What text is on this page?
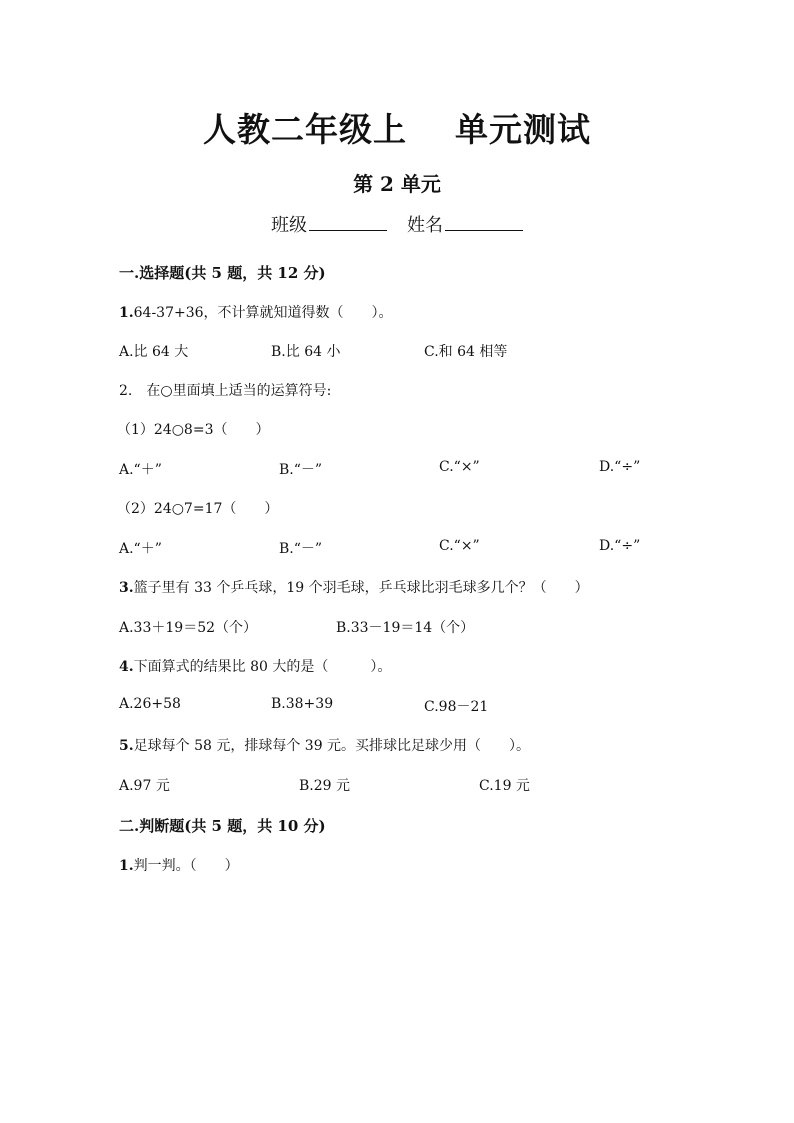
人教二年级上 单元测试
第 2 单元
班级	姓名
一.选择题(共 5 题，共 12 分)
1.64-37+36，不计算就知道得数（　　）。
A.比 64 大	B.比 64 小	C.和 64 相等
2.　在○里面填上适当的运算符号:
（1）24○8=3（　　）
A.“＋”	B.“－”	C.“×”	D.“÷”
（2）24○7=17（　　）
A.“＋”	B.“－”	C.“×”	D.“÷”
3.篮子里有 33 个乒乓球，19 个羽毛球，乒乓球比羽毛球多几个？（　　）
A.33＋19＝52（个）	B.33－19＝14（个）
4.下面算式的结果比 80 大的是（　　　）。
A.26+58	B.38+39	C.98－21
5.足球每个 58 元，排球每个 39 元。买排球比足球少用（　　）。
A.97 元	B.29 元	C.19 元
二.判断题(共 5 题，共 10 分)
1.判一判。（　　）
